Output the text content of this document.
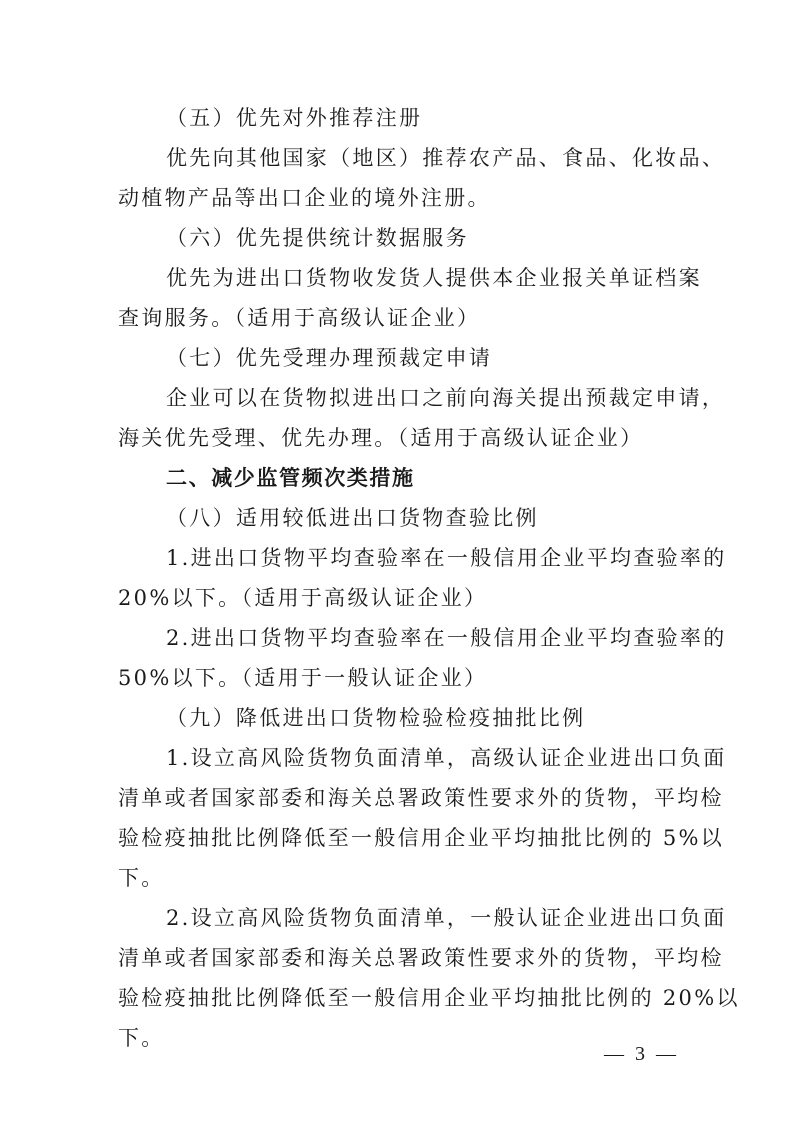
（五）优先对外推荐注册
优先向其他国家（地区）推荐农产品、食品、化妆品、
动植物产品等出口企业的境外注册。
（六）优先提供统计数据服务
优先为进出口货物收发货人提供本企业报关单证档案
查询服务。（适用于高级认证企业）
（七）优先受理办理预裁定申请
企业可以在货物拟进出口之前向海关提出预裁定申请，
海关优先受理、优先办理。（适用于高级认证企业）
二、减少监管频次类措施
（八）适用较低进出口货物查验比例
1.进出口货物平均查验率在一般信用企业平均查验率的
20%以下。（适用于高级认证企业）
2.进出口货物平均查验率在一般信用企业平均查验率的
50%以下。（适用于一般认证企业）
（九）降低进出口货物检验检疫抽批比例
1.设立高风险货物负面清单，高级认证企业进出口负面
清单或者国家部委和海关总署政策性要求外的货物，平均检
验检疫抽批比例降低至一般信用企业平均抽批比例的 5%以
下。
2.设立高风险货物负面清单，一般认证企业进出口负面
清单或者国家部委和海关总署政策性要求外的货物，平均检
验检疫抽批比例降低至一般信用企业平均抽批比例的 20%以
下。
— 3 —
